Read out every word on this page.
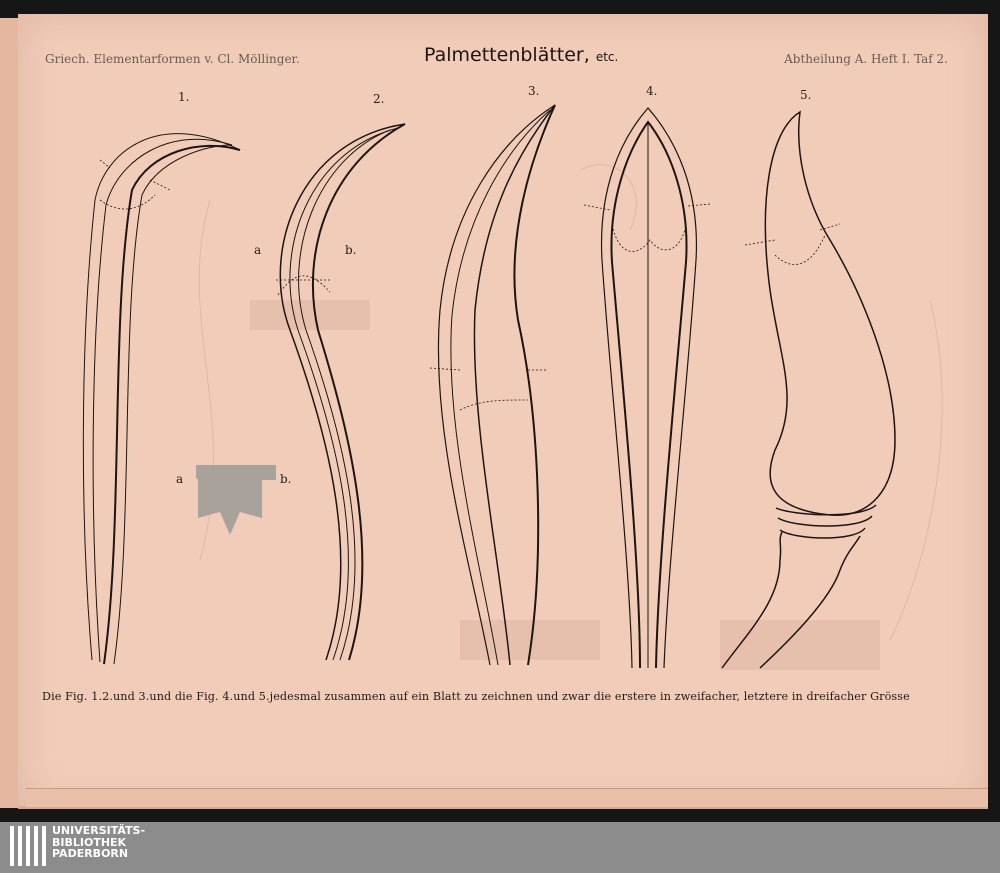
Griech. Elementarformen v. Cl. Möllinger.	Palmettenblätter, etc.	Abtheilung A. Heft I. Taf 2.
1.	2.
3.	4.	5.
a	b.
a	b.
Die Fig. 1.2.und 3.und die Fig. 4.und 5.jedesmal zusammen auf ein Blatt zu zeichnen und zwar die erstere in zweifacher, letztere in dreifacher Grösse
UNIVERSITÄTS-
BIBLIOTHEK
PADERBORN
